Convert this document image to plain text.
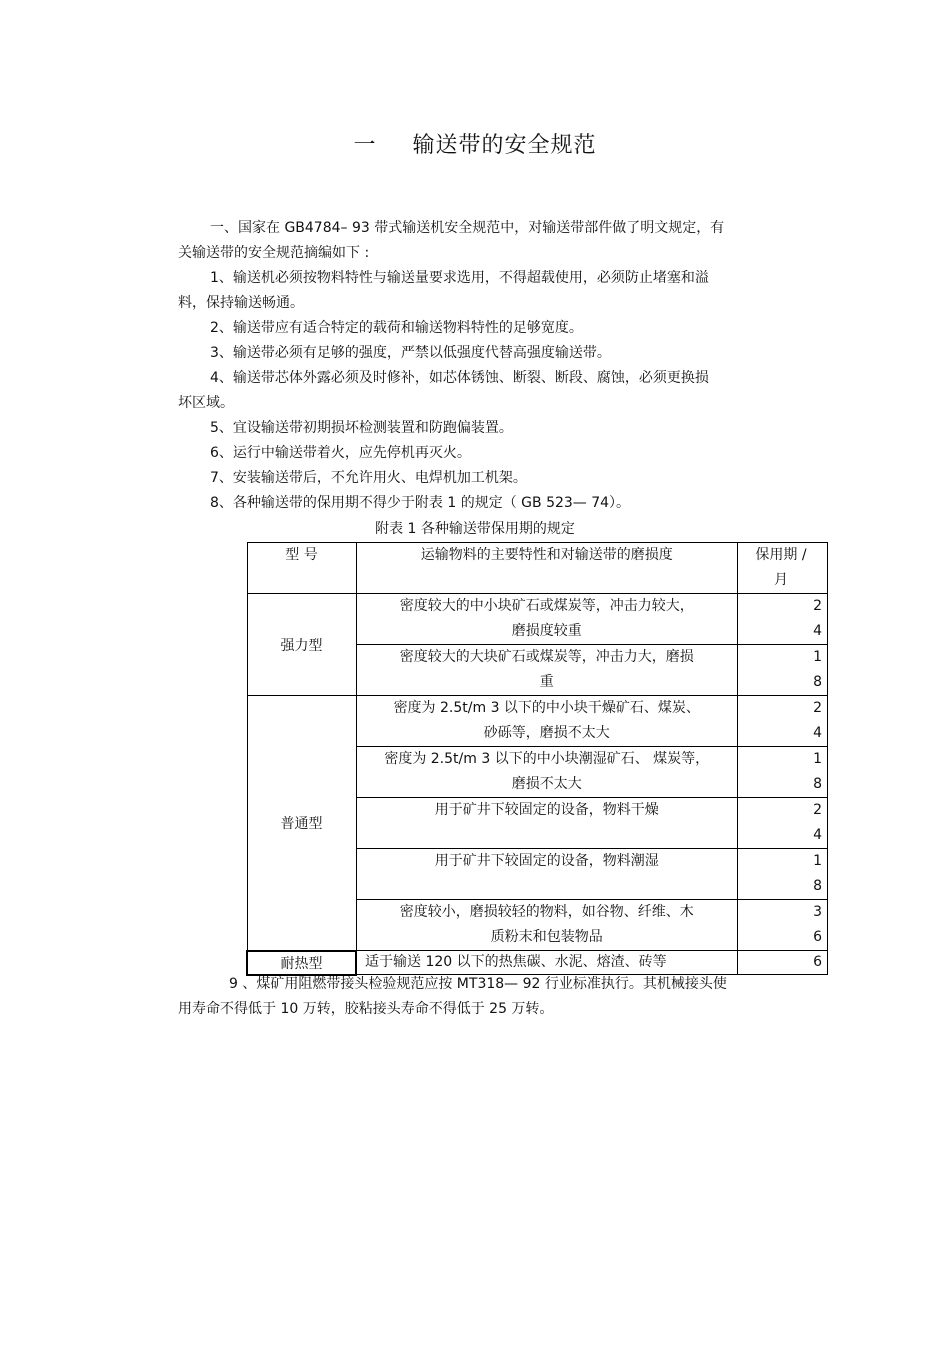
一 输送带的安全规范
一、国家在 GB4784– 93 带式输送机安全规范中，对输送带部件做了明文规定，有
关输送带的安全规范摘编如下 :
1、输送机必须按物料特性与输送量要求选用，不得超载使用，必须防止堵塞和溢
料，保持输送畅通。
2、输送带应有适合特定的载荷和输送物料特性的足够宽度。
3、输送带必须有足够的强度，严禁以低强度代替高强度输送带。
4、输送带芯体外露必须及时修补，如芯体锈蚀、断裂、断段、腐蚀，必须更换损
坏区域。
5、宜设输送带初期损坏检测装置和防跑偏装置。
6、运行中输送带着火，应先停机再灭火。
7、安装输送带后，不允许用火、电焊机加工机架。
8、各种输送带的保用期不得少于附表 1 的规定（ GB 523— 74）。
附表 1 各种输送带保用期的规定
型 号	运输物料的主要特性和对输送带的磨损度	保用期 /
月

强力型	密度较大的中小块矿石或煤炭等，冲击力较大，
磨损度较重	2
4

	密度较大的大块矿石或煤炭等，冲击力大，磨损
重	1
8

普通型	密度为 2.5t/m 3 以下的中小块干燥矿石、煤炭、
砂砾等，磨损不太大	2
4

	密度为 2.5t/m 3 以下的中小块潮湿矿石、 煤炭等，
磨损不太大	1
8

	用于矿井下较固定的设备，物料干燥	2
4

	用于矿井下较固定的设备，物料潮湿	1
8

	密度较小，磨损较轻的物料，如谷物、纤维、木
质粉末和包装物品	3
6

耐热型	适于输送 120 以下的热焦碳、水泥、熔渣、砖等	6
9 、煤矿用阻燃带接头检验规范应按 MT318— 92 行业标准执行。其机械接头使
用寿命不得低于 10 万转，胶粘接头寿命不得低于 25 万转。
